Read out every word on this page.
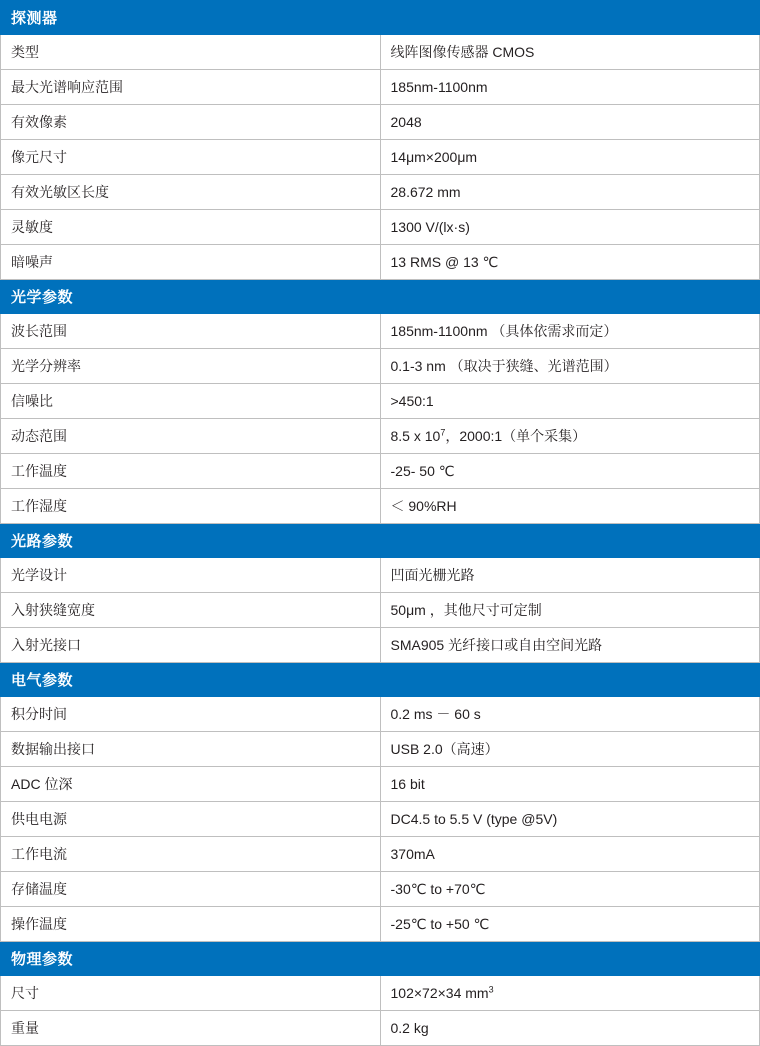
探测器	
类型	线阵图像传感器 CMOS
最大光谱响应范围	185nm-1100nm
有效像素	2048
像元尺寸	14μm×200μm
有效光敏区长度	28.672 mm
灵敏度	1300 V/(lx·s)
暗噪声	13 RMS @ 13 ℃
光学参数	
波长范围	185nm-1100nm （具体依需求而定）
光学分辨率	0.1-3 nm （取决于狭缝、光谱范围）
信噪比	>450:1
动态范围	8.5 x $10^7$，2000:1（单个采集）
工作温度	-25- 50 ℃
工作湿度	＜ 90%RH
光路参数	
光学设计	凹面光栅光路
入射狭缝宽度	50μm ，其他尺寸可定制
入射光接口	SMA905 光纤接口或自由空间光路
电气参数	
积分时间	0.2 ms － 60 s
数据输出接口	USB 2.0（高速）
ADC 位深	16 bit
供电电源	DC4.5 to 5.5 V (type @5V)
工作电流	370mA
存储温度	-30℃ to +70℃
操作温度	-25℃ to +50 ℃
物理参数	
尺寸	102×72×34 $mm^3$
重量	0.2 kg
